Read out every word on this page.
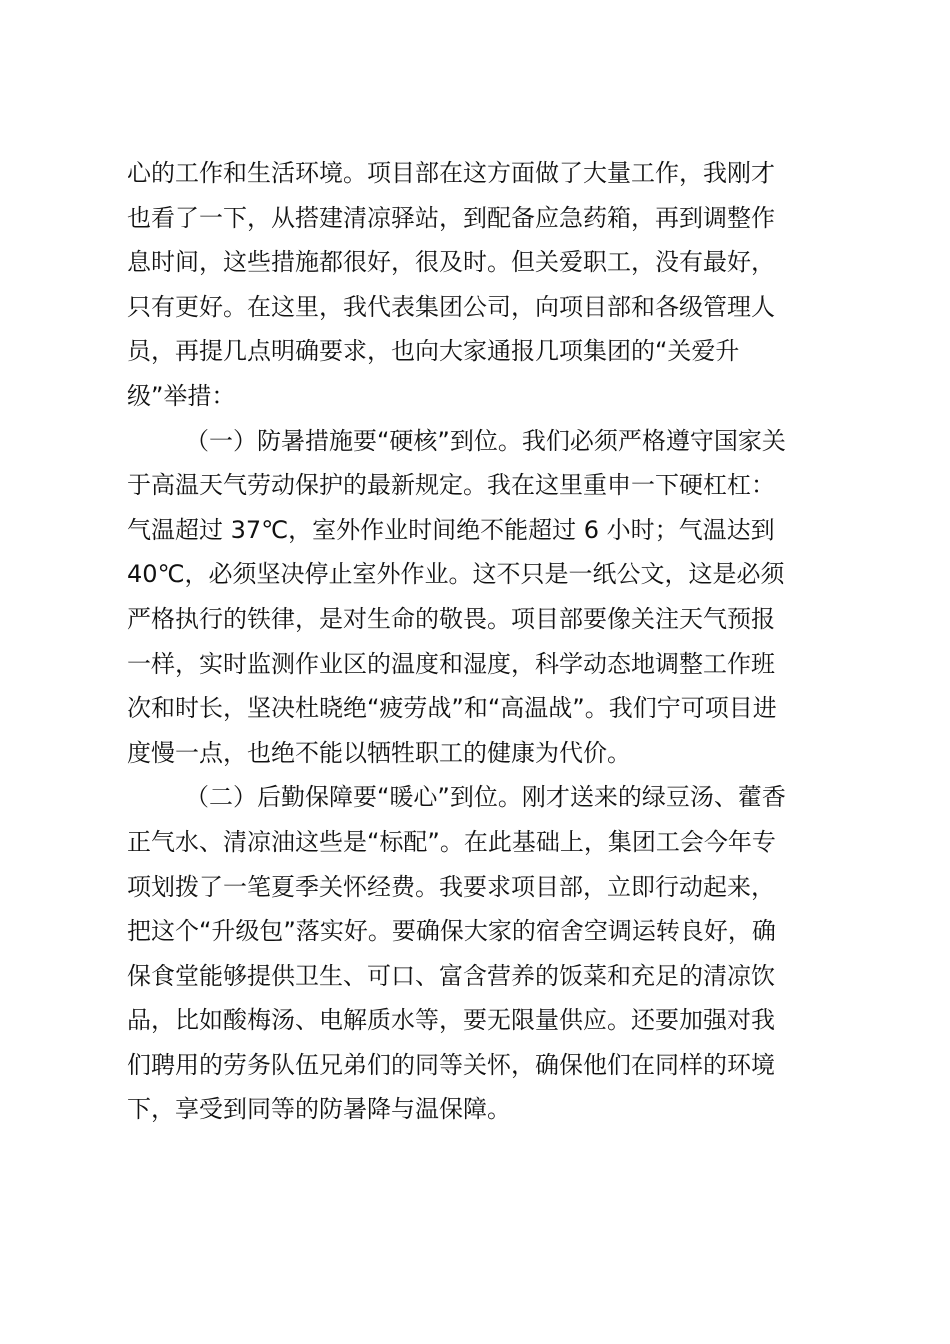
心的工作和生活环境。项目部在这方面做了大量工作，我刚才
也看了一下，从搭建清凉驿站，到配备应急药箱，再到调整作
息时间，这些措施都很好，很及时。但关爱职工，没有最好，
只有更好。在这里，我代表集团公司，向项目部和各级管理人
员，再提几点明确要求，也向大家通报几项集团的“关爱升
级”举措：
（一）防暑措施要“硬核”到位。我们必须严格遵守国家关
于高温天气劳动保护的最新规定。我在这里重申一下硬杠杠：
气温超过 37℃，室外作业时间绝不能超过 6 小时；气温达到
40℃，必须坚决停止室外作业。这不只是一纸公文，这是必须
严格执行的铁律，是对生命的敬畏。项目部要像关注天气预报
一样，实时监测作业区的温度和湿度，科学动态地调整工作班
次和时长，坚决杜晓绝“疲劳战”和“高温战”。我们宁可项目进
度慢一点，也绝不能以牺牲职工的健康为代价。
（二）后勤保障要“暖心”到位。刚才送来的绿豆汤、藿香
正气水、清凉油这些是“标配”。在此基础上，集团工会今年专
项划拨了一笔夏季关怀经费。我要求项目部，立即行动起来，
把这个“升级包”落实好。要确保大家的宿舍空调运转良好，确
保食堂能够提供卫生、可口、富含营养的饭菜和充足的清凉饮
品，比如酸梅汤、电解质水等，要无限量供应。还要加强对我
们聘用的劳务队伍兄弟们的同等关怀，确保他们在同样的环境
下，享受到同等的防暑降与温保障。
